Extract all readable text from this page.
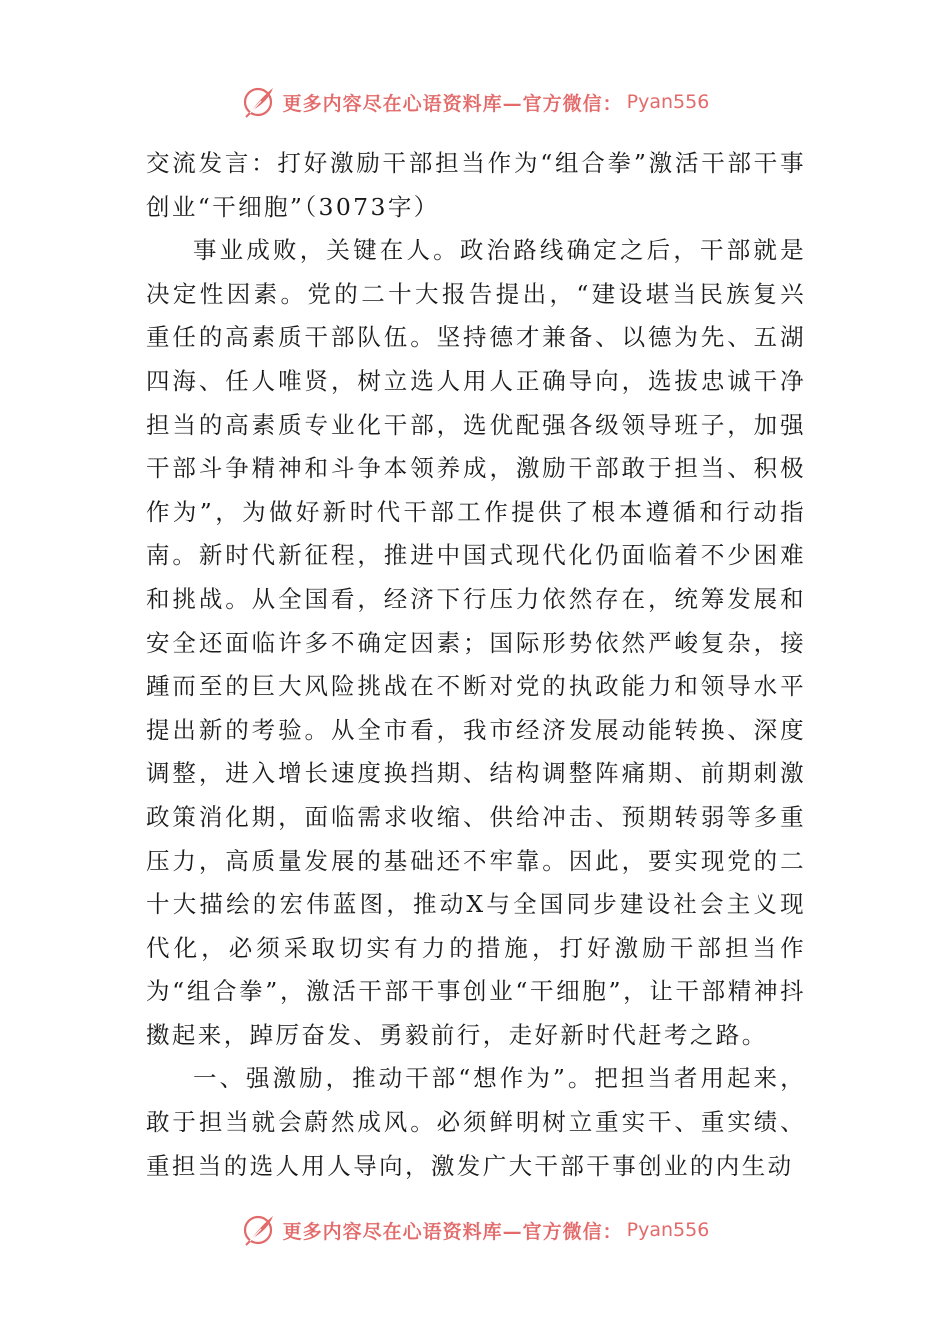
更多内容尽在心语资料库—官方微信： Pyan556
交流发言：打好激励干部担当作为“组合拳”激活干部干事创业“干细胞”（3073字）

事业成败，关键在人。政治路线确定之后，干部就是决定性因素。党的二十大报告提出，“建设堪当民族复兴重任的高素质干部队伍。坚持德才兼备、以德为先、五湖四海、任人唯贤，树立选人用人正确导向，选拔忠诚干净担当的高素质专业化干部，选优配强各级领导班子，加强干部斗争精神和斗争本领养成，激励干部敢于担当、积极作为”，为做好新时代干部工作提供了根本遵循和行动指南。新时代新征程，推进中国式现代化仍面临着不少困难和挑战。从全国看，经济下行压力依然存在，统筹发展和安全还面临许多不确定因素；国际形势依然严峻复杂，接踵而至的巨大风险挑战在不断对党的执政能力和领导水平提出新的考验。从全市看，我市经济发展动能转换、深度调整，进入增长速度换挡期、结构调整阵痛期、前期刺激政策消化期，面临需求收缩、供给冲击、预期转弱等多重压力，高质量发展的基础还不牢靠。因此，要实现党的二十大描绘的宏伟蓝图，推动X与全国同步建设社会主义现代化，必须采取切实有力的措施，打好激励干部担当作为“组合拳”，激活干部干事创业“干细胞”，让干部精神抖擞起来，踔厉奋发、勇毅前行，走好新时代赶考之路。

一、强激励，推动干部“想作为”。把担当者用起来，敢于担当就会蔚然成风。必须鲜明树立重实干、重实绩、重担当的选人用人导向，激发广大干部干事创业的内生动

更多内容尽在心语资料库—官方微信： Pyan556
